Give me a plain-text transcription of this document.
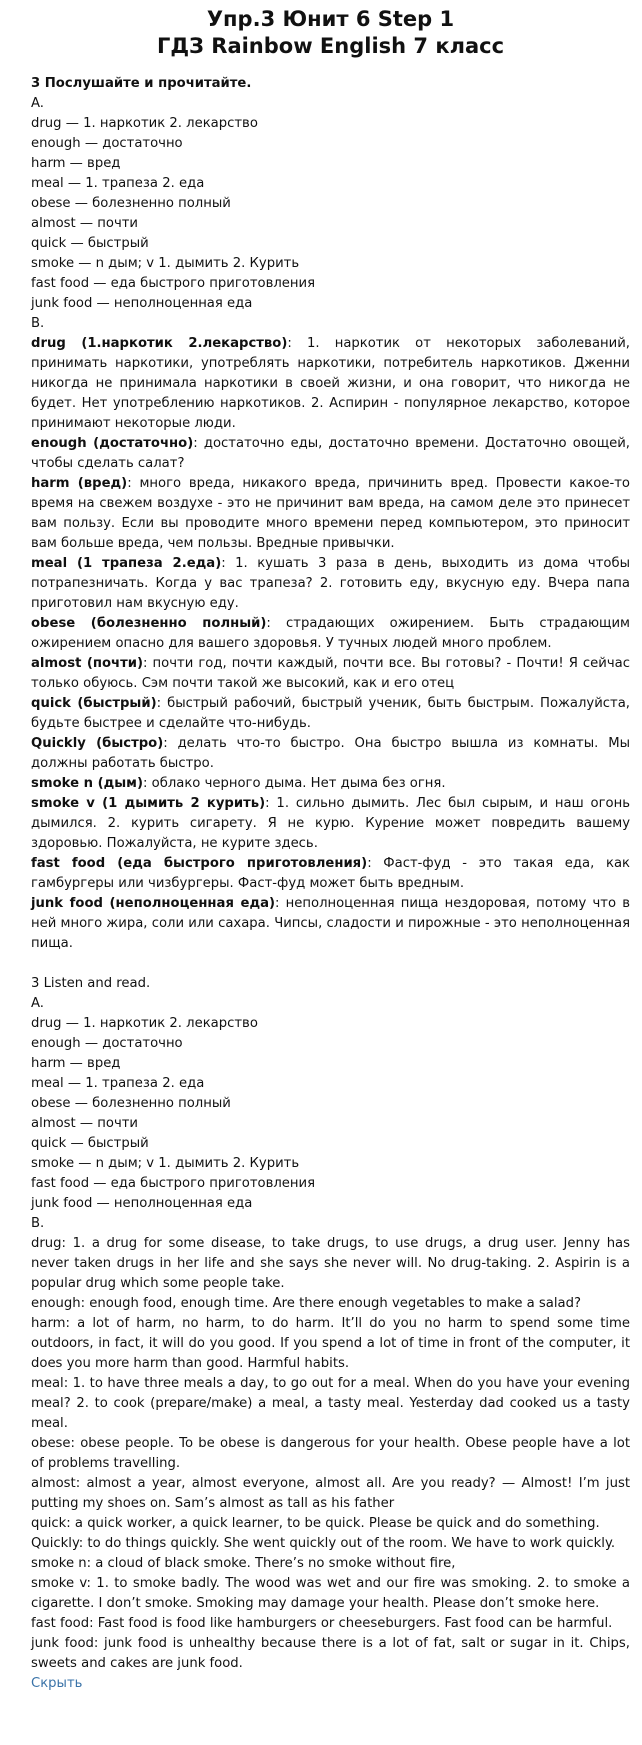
Упр.3 Юнит 6 Step 1
ГДЗ Rainbow English 7 класс
3 Послушайте и прочитайте.
A.
drug — 1. наркотик 2. лекарство
enough — достаточно
harm — вред
meal — 1. трапеза 2. еда
obese — болезненно полный
almost — почти
quick — быстрый
smoke — n дым; v 1. дымить 2. Курить
fast food — еда быстрого приготовления
junk food — неполноценная еда
B.
drug (1.наркотик 2.лекарство): 1. наркотик от некоторых заболеваний, принимать наркотики, употреблять наркотики, потребитель наркотиков. Дженни никогда не принимала наркотики в своей жизни, и она говорит, что никогда не будет. Нет употреблению наркотиков. 2. Аспирин - популярное лекарство, которое принимают некоторые люди.
enough (достаточно): достаточно еды, достаточно времени. Достаточно овощей, чтобы сделать салат?
harm (вред): много вреда, никакого вреда, причинить вред. Провести какое-то время на свежем воздухе - это не причинит вам вреда, на самом деле это принесет вам пользу. Если вы проводите много времени перед компьютером, это приносит вам больше вреда, чем пользы. Вредные привычки.
meal (1 трапеза 2.еда): 1. кушать 3 раза в день, выходить из дома чтобы потрапезничать. Когда у вас трапеза? 2. готовить еду, вкусную еду. Вчера папа приготовил нам вкусную еду.
obese (болезненно полный): страдающих ожирением. Быть страдающим ожирением опасно для вашего здоровья. У тучных людей много проблем.
almost (почти): почти год, почти каждый, почти все. Вы готовы? - Почти! Я сейчас только обуюсь. Сэм почти такой же высокий, как и его отец
quick (быстрый): быстрый рабочий, быстрый ученик, быть быстрым. Пожалуйста, будьте быстрее и сделайте что-нибудь.
Quickly (быстро): делать что-то быстро. Она быстро вышла из комнаты. Мы должны работать быстро.
smoke n (дым): облако черного дыма. Нет дыма без огня.
smoke v (1 дымить 2 курить): 1. сильно дымить. Лес был сырым, и наш огонь дымился. 2. курить сигарету. Я не курю. Курение может повредить вашему здоровью. Пожалуйста, не курите здесь.
fast food (еда быстрого приготовления): Фаст-фуд - это такая еда, как гамбургеры или чизбургеры. Фаст-фуд может быть вредным.
junk food (неполноценная еда): неполноценная пища нездоровая, потому что в ней много жира, соли или сахара. Чипсы, сладости и пирожные - это неполноценная пища.
3 Listen and read.
A.
drug — 1. наркотик 2. лекарство
enough — достаточно
harm — вред
meal — 1. трапеза 2. еда
obese — болезненно полный
almost — почти
quick — быстрый
smoke — n дым; v 1. дымить 2. Курить
fast food — еда быстрого приготовления
junk food — неполноценная еда
B.
drug: 1. a drug for some disease, to take drugs, to use drugs, a drug user. Jenny has never taken drugs in her life and she says she never will. No drug-taking. 2. Aspirin is a popular drug which some people take.
enough: enough food, enough time. Are there enough vegetables to make a salad?
harm: a lot of harm, no harm, to do harm. It’ll do you no harm to spend some time outdoors, in fact, it will do you good. If you spend a lot of time in front of the computer, it does you more harm than good. Harmful habits.
meal: 1. to have three meals a day, to go out for a meal. When do you have your evening meal? 2. to cook (prepare/make) a meal, a tasty meal. Yesterday dad cooked us a tasty meal.
obese: obese people. To be obese is dangerous for your health. Obese people have a lot of problems travelling.
almost: almost a year, almost everyone, almost all. Are you ready? — Almost! I’m just putting my shoes on. Sam’s almost as tall as his father
quick: a quick worker, a quick learner, to be quick. Please be quick and do something.
Quickly: to do things quickly. She went quickly out of the room. We have to work quickly.
smoke n: a cloud of black smoke. There’s no smoke without fire,
smoke v: 1. to smoke badly. The wood was wet and our fire was smoking. 2. to smoke a cigarette. I don’t smoke. Smoking may damage your health. Please don’t smoke here.
fast food: Fast food is food like hamburgers or cheeseburgers. Fast food can be harmful.
junk food: junk food is unhealthy because there is a lot of fat, salt or sugar in it. Chips, sweets and cakes are junk food.
Скрыть
